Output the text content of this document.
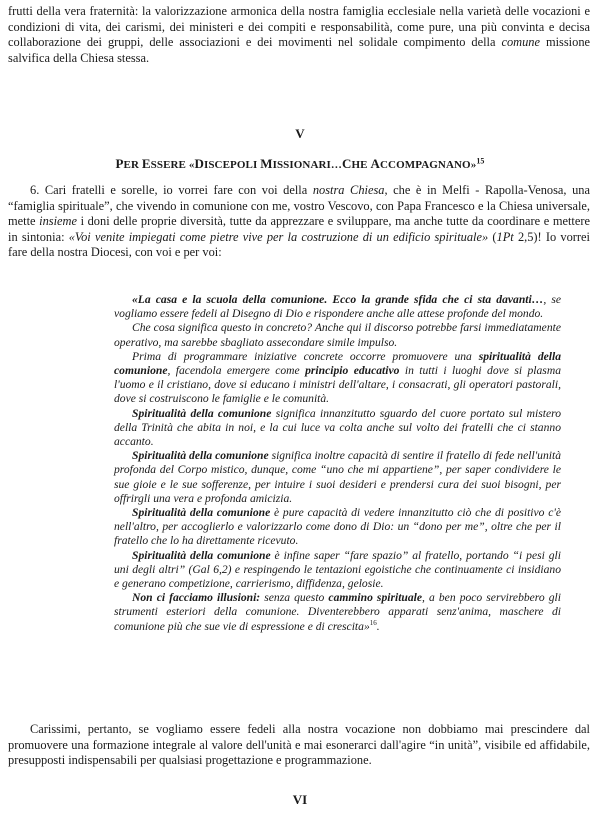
frutti della vera fraternità: la valorizzazione armonica della nostra famiglia ecclesiale nella varietà delle vocazioni e condizioni di vita, dei carismi, dei ministeri e dei compiti e responsabilità, come pure, una più convinta e decisa collaborazione dei gruppi, delle associazioni e dei movimenti nel solidale compimento della comune missione salvifica della Chiesa stessa.

V

PER ESSERE «DISCEPOLI MISSIONARI…CHE ACCOMPAGNANO»$^{15}$

6. Cari fratelli e sorelle, io vorrei fare con voi della nostra Chiesa, che è in Melfi - Rapolla-Venosa, una “famiglia spirituale”, che vivendo in comunione con me, vostro Vescovo, con Papa Francesco e la Chiesa universale, mette insieme i doni delle proprie diversità, tutte da apprezzare e sviluppare, ma anche tutte da coordinare e mettere in sintonia: «Voi venite impiegati come pietre vive per la costruzione di un edificio spirituale» (1Pt 2,5)! Io vorrei fare della nostra Diocesi, con voi e per voi:

«La casa e la scuola della comunione. Ecco la grande sfida che ci sta davanti…, se vogliamo essere fedeli al Disegno di Dio e rispondere anche alle attese profonde del mondo.

Che cosa significa questo in concreto? Anche qui il discorso potrebbe farsi immediatamente operativo, ma sarebbe sbagliato assecondare simile impulso.

Prima di programmare iniziative concrete occorre promuovere una spiritualità della comunione, facendola emergere come principio educativo in tutti i luoghi dove si plasma l'uomo e il cristiano, dove si educano i ministri dell'altare, i consacrati, gli operatori pastorali, dove si costruiscono le famiglie e le comunità.

Spiritualità della comunione significa innanzitutto sguardo del cuore portato sul mistero della Trinità che abita in noi, e la cui luce va colta anche sul volto dei fratelli che ci stanno accanto.

Spiritualità della comunione significa inoltre capacità di sentire il fratello di fede nell'unità profonda del Corpo mistico, dunque, come “uno che mi appartiene”, per saper condividere le sue gioie e le sue sofferenze, per intuire i suoi desideri e prendersi cura dei suoi bisogni, per offrirgli una vera e profonda amicizia.

Spiritualità della comunione è pure capacità di vedere innanzitutto ciò che di positivo c'è nell'altro, per accoglierlo e valorizzarlo come dono di Dio: un “dono per me”, oltre che per il fratello che lo ha direttamente ricevuto.

Spiritualità della comunione è infine saper “fare spazio” al fratello, portando “i pesi gli uni degli altri” (Gal 6,2) e respingendo le tentazioni egoistiche che continuamente ci insidiano e generano competizione, carrierismo, diffidenza, gelosie.

Non ci facciamo illusioni: senza questo cammino spirituale, a ben poco servirebbero gli strumenti esteriori della comunione. Diventerebbero apparati senz'anima, maschere di comunione più che sue vie di espressione e di crescita»$^{16}$.

Carissimi, pertanto, se vogliamo essere fedeli alla nostra vocazione non dobbiamo mai prescindere dal promuovere una formazione integrale al valore dell'unità e mai esonerarci dall'agire “in unità”, visibile ed affidabile, presupposti indispensabili per qualsiasi progettazione e programmazione.

VI
